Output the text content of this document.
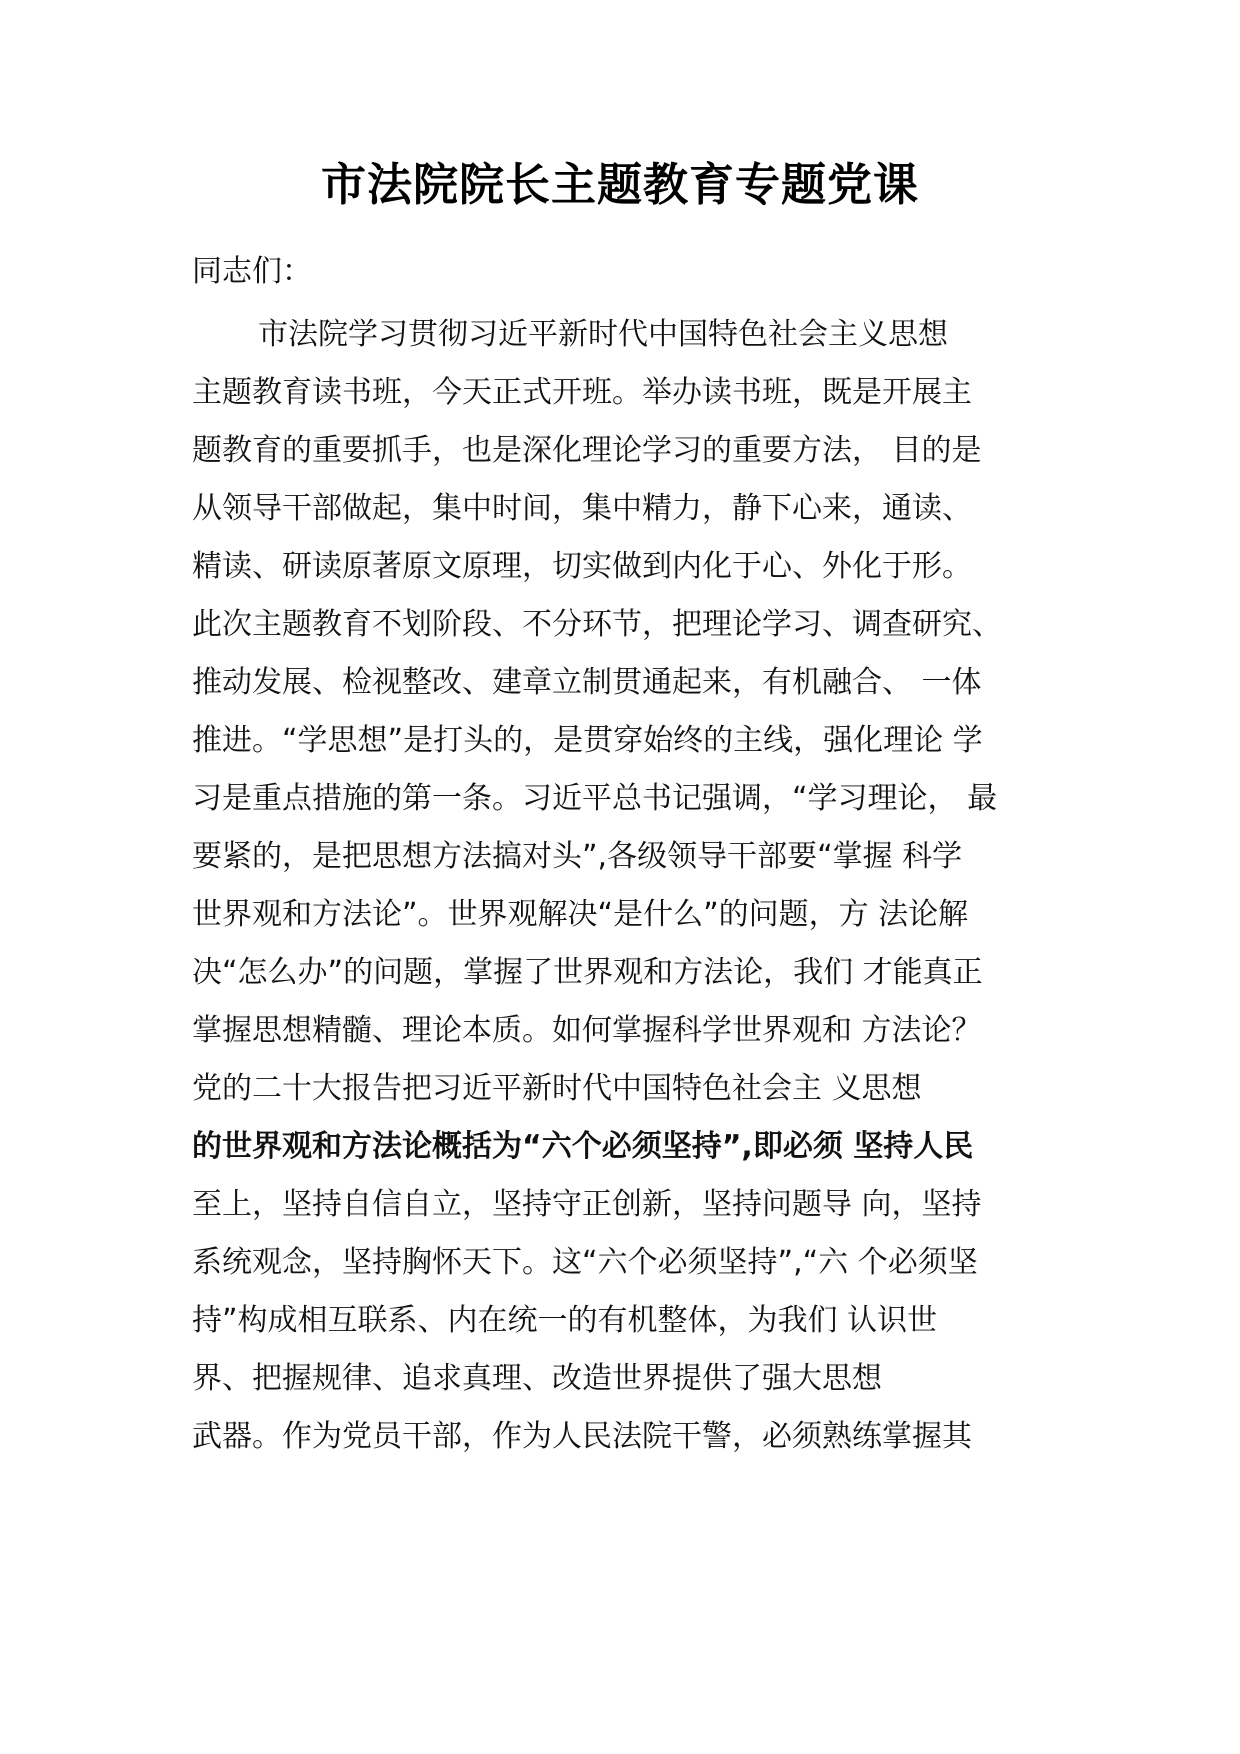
市法院院长主题教育专题党课
同志们：
市法院学习贯彻习近平新时代中国特色社会主义思想
主题教育读书班，今天正式开班。举办读书班，既是开展主
题教育的重要抓手，也是深化理论学习的重要方法， 目的是
从领导干部做起，集中时间，集中精力，静下心来，通读、
精读、研读原著原文原理，切实做到内化于心、外化于形。
此次主题教育不划阶段、不分环节，把理论学习、调查研究、
推动发展、检视整改、建章立制贯通起来，有机融合、 一体
推进。“学思想”是打头的，是贯穿始终的主线，强化理论 学
习是重点措施的第一条。习近平总书记强调，“学习理论， 最
要紧的，是把思想方法搞对头”,各级领导干部要“掌握 科学
世界观和方法论”。世界观解决“是什么”的问题，方 法论解
决“怎么办”的问题，掌握了世界观和方法论，我们 才能真正
掌握思想精髓、理论本质。如何掌握科学世界观和 方法论？
党的二十大报告把习近平新时代中国特色社会主 义思想
的世界观和方法论概括为“六个必须坚持”,即必须 坚持人民
至上，坚持自信自立，坚持守正创新，坚持问题导 向，坚持
系统观念，坚持胸怀天下。这“六个必须坚持”,“六 个必须坚
持”构成相互联系、内在统一的有机整体，为我们 认识世
界、把握规律、追求真理、改造世界提供了强大思想
武器。作为党员干部，作为人民法院干警，必须熟练掌握其
